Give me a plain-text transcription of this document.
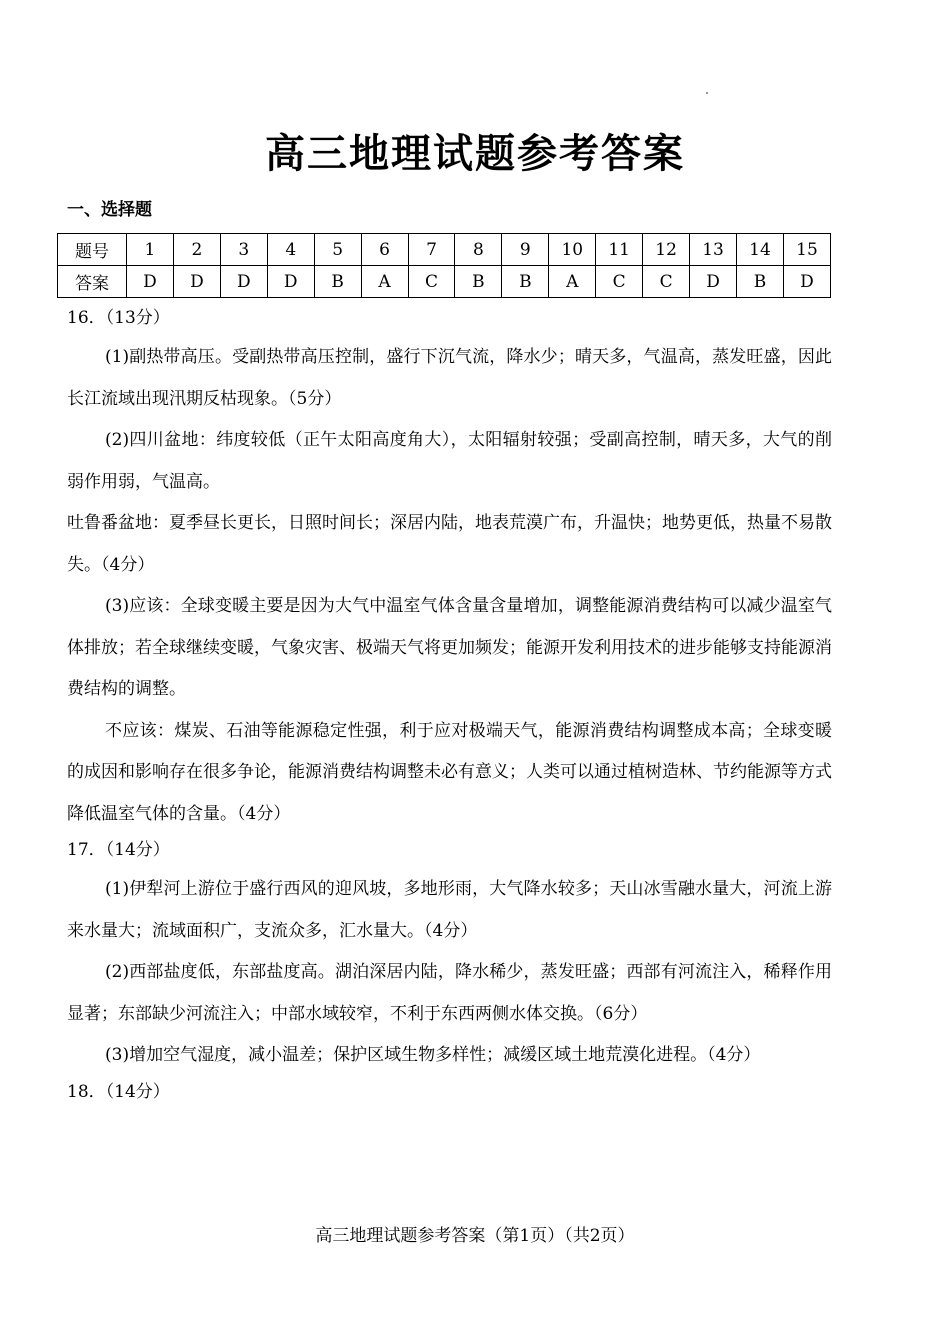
高三地理试题参考答案
一、选择题
题号	1	2	3	4	5	6	7	8	9	10	11	12	13	14	15
答案	D	D	D	D	B	A	C	B	B	A	C	C	D	B	D
16．（13分）
(1)副热带高压。受副热带高压控制，盛行下沉气流，降水少；晴天多，气温高，蒸发旺盛，因此长江流域出现汛期反枯现象。（5分）
(2)四川盆地：纬度较低（正午太阳高度角大），太阳辐射较强；受副高控制，晴天多，大气的削弱作用弱，气温高。
吐鲁番盆地：夏季昼长更长，日照时间长；深居内陆，地表荒漠广布，升温快；地势更低，热量不易散失。（4分）
(3)应该：全球变暖主要是因为大气中温室气体含量含量增加，调整能源消费结构可以减少温室气体排放；若全球继续变暖，气象灾害、极端天气将更加频发；能源开发利用技术的进步能够支持能源消费结构的调整。
不应该：煤炭、石油等能源稳定性强，利于应对极端天气，能源消费结构调整成本高；全球变暖的成因和影响存在很多争论，能源消费结构调整未必有意义；人类可以通过植树造林、节约能源等方式降低温室气体的含量。（4分）
17．（14分）
(1)伊犁河上游位于盛行西风的迎风坡，多地形雨，大气降水较多；天山冰雪融水量大，河流上游来水量大；流域面积广，支流众多，汇水量大。（4分）
(2)西部盐度低，东部盐度高。湖泊深居内陆，降水稀少，蒸发旺盛；西部有河流注入，稀释作用显著；东部缺少河流注入；中部水域较窄，不利于东西两侧水体交换。（6分）
(3)增加空气湿度，减小温差；保护区域生物多样性；减缓区域土地荒漠化进程。（4分）
18．（14分）
高三地理试题参考答案（第1页）（共2页）
